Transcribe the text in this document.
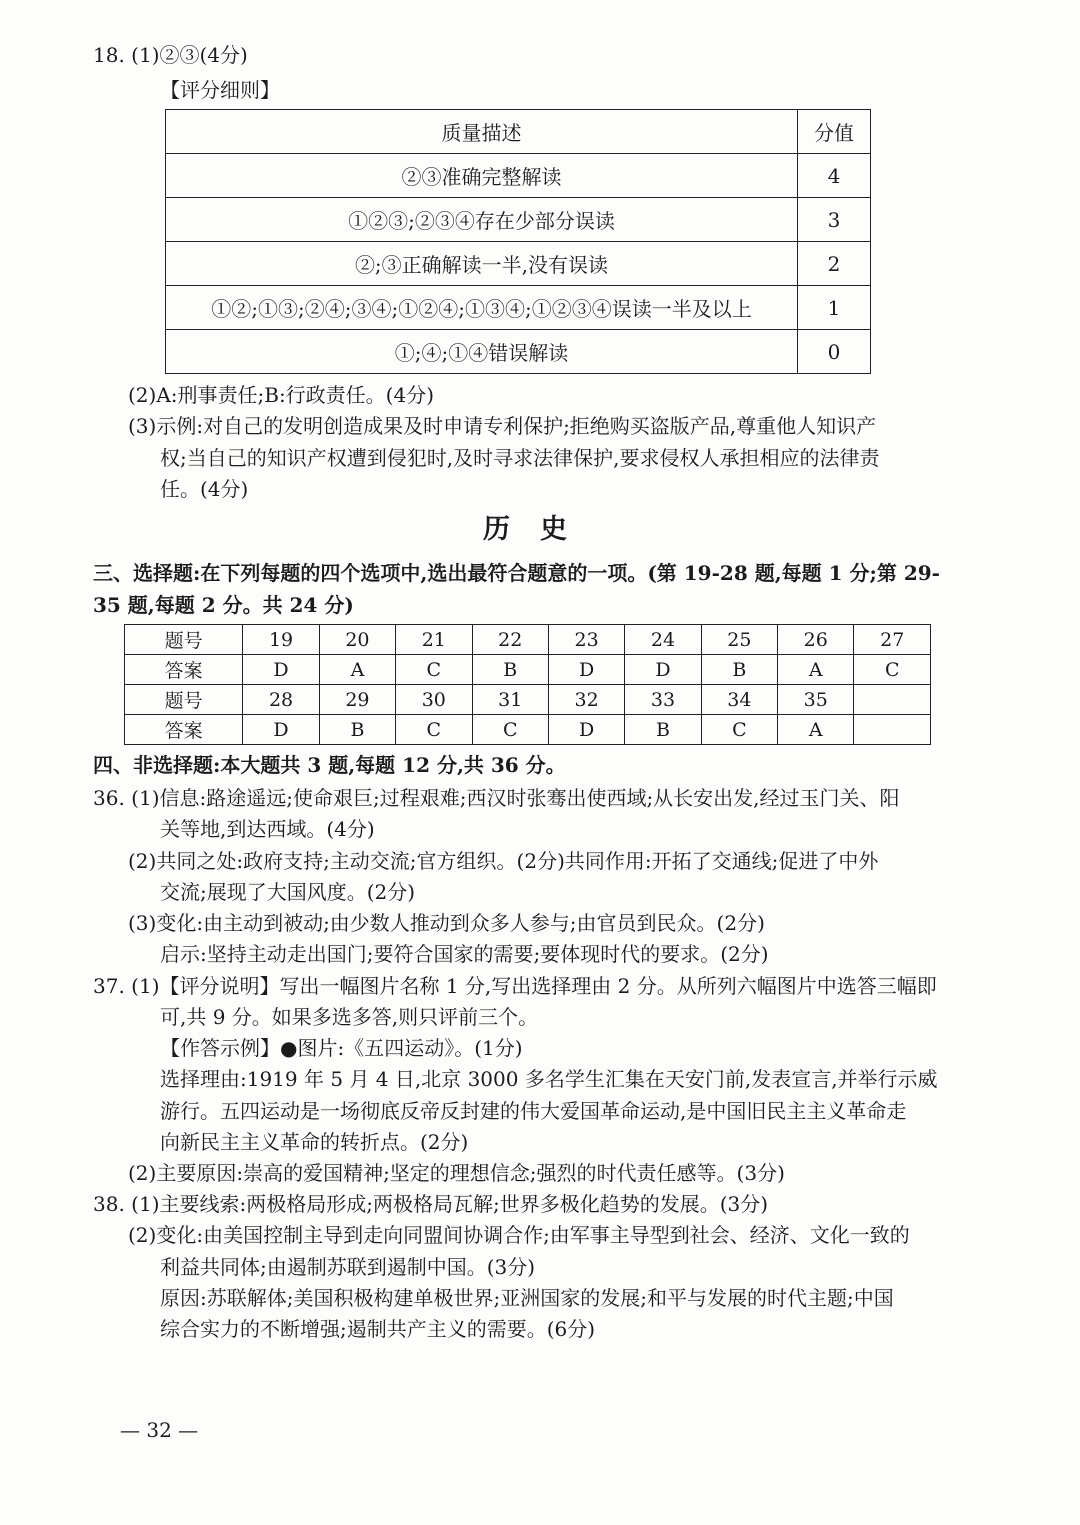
18. (1)②③(4分)
【评分细则】
质量描述	分值
②③准确完整解读	4
①②③;②③④存在少部分误读	3
②;③正确解读一半,没有误读	2
①②;①③;②④;③④;①②④;①③④;①②③④误读一半及以上	1
①;④;①④错误解读	0
(2)A:刑事责任;B:行政责任。(4分)
(3)示例:对自己的发明创造成果及时申请专利保护;拒绝购买盗版产品,尊重他人知识产
权;当自己的知识产权遭到侵犯时,及时寻求法律保护,要求侵权人承担相应的法律责
任。(4分)
历史
三、选择题:在下列每题的四个选项中,选出最符合题意的一项。(第 19-28 题,每题 1 分;第 29-
35 题,每题 2 分。共 24 分)
题号	19	20	21	22	23	24	25	26	27
答案	D	A	C	B	D	D	B	A	C
题号	28	29	30	31	32	33	34	35	
答案	D	B	C	C	D	B	C	A	
四、非选择题:本大题共 3 题,每题 12 分,共 36 分。
36. (1)信息:路途遥远;使命艰巨;过程艰难;西汉时张骞出使西域;从长安出发,经过玉门关、阳
关等地,到达西域。(4分)
(2)共同之处:政府支持;主动交流;官方组织。(2分)共同作用:开拓了交通线;促进了中外
交流;展现了大国风度。(2分)
(3)变化:由主动到被动;由少数人推动到众多人参与;由官员到民众。(2分)
启示:坚持主动走出国门;要符合国家的需要;要体现时代的要求。(2分)
37. (1)【评分说明】写出一幅图片名称 1 分,写出选择理由 2 分。从所列六幅图片中选答三幅即
可,共 9 分。如果多选多答,则只评前三个。
【作答示例】●图片:《五四运动》。(1分)
选择理由:1919 年 5 月 4 日,北京 3000 多名学生汇集在天安门前,发表宣言,并举行示威
游行。五四运动是一场彻底反帝反封建的伟大爱国革命运动,是中国旧民主主义革命走
向新民主主义革命的转折点。(2分)
(2)主要原因:崇高的爱国精神;坚定的理想信念;强烈的时代责任感等。(3分)
38. (1)主要线索:两极格局形成;两极格局瓦解;世界多极化趋势的发展。(3分)
(2)变化:由美国控制主导到走向同盟间协调合作;由军事主导型到社会、经济、文化一致的
利益共同体;由遏制苏联到遏制中国。(3分)
原因:苏联解体;美国积极构建单极世界;亚洲国家的发展;和平与发展的时代主题;中国
综合实力的不断增强;遏制共产主义的需要。(6分)
— 32 —
